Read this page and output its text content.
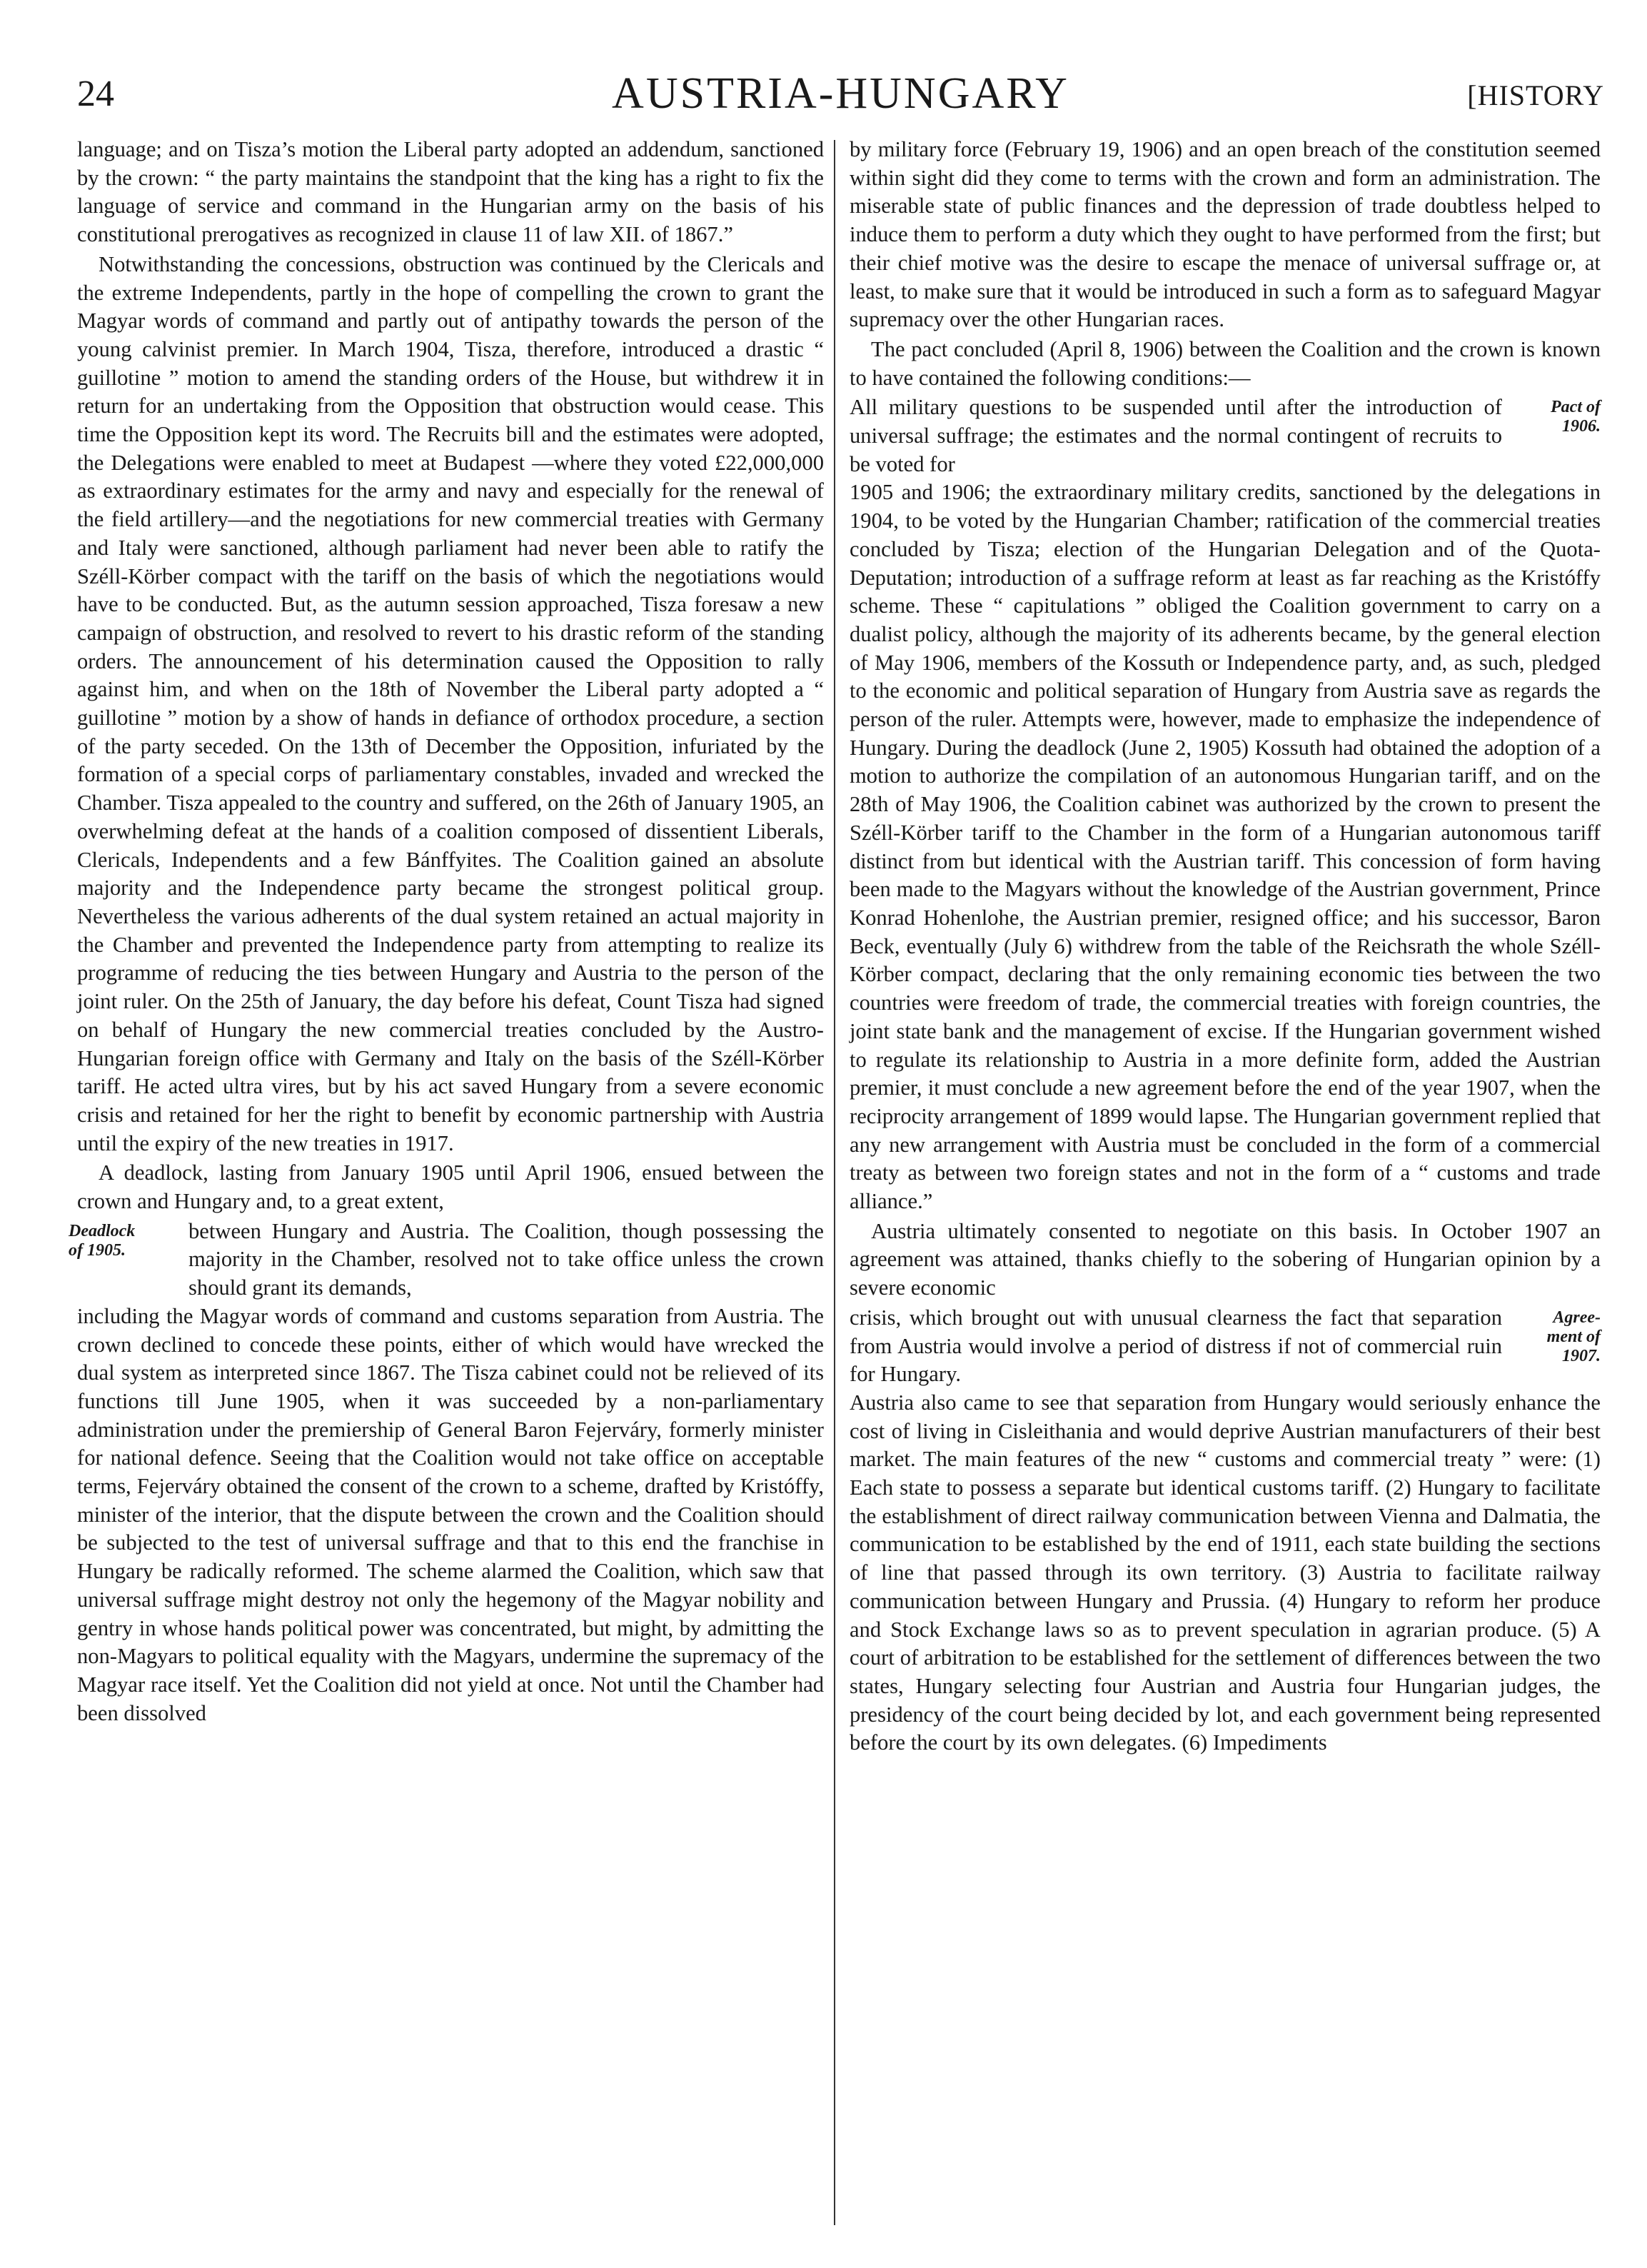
24	AUSTRIA-HUNGARY	[HISTORY

language; and on Tisza’s motion the Liberal party adopted an addendum, sanctioned by the crown: “ the party maintains the standpoint that the king has a right to fix the language of service and command in the Hungarian army on the basis of his constitutional prerogatives as recognized in clause 11 of law XII. of 1867.”

Notwithstanding the concessions, obstruction was continued by the Clericals and the extreme Independents, partly in the hope of compelling the crown to grant the Magyar words of command and partly out of antipathy towards the person of the young calvinist premier. In March 1904, Tisza, therefore, introduced a drastic “ guillotine ” motion to amend the standing orders of the House, but withdrew it in return for an undertaking from the Opposition that obstruction would cease. This time the Opposition kept its word. The Recruits bill and the estimates were adopted, the Delegations were enabled to meet at Budapest —where they voted £22,000,000 as extraordinary estimates for the army and navy and especially for the renewal of the field artillery—and the negotiations for new commercial treaties with Germany and Italy were sanctioned, although parliament had never been able to ratify the Széll-Körber compact with the tariff on the basis of which the negotiations would have to be conducted. But, as the autumn session approached, Tisza foresaw a new campaign of obstruction, and resolved to revert to his drastic reform of the standing orders. The announcement of his determination caused the Opposition to rally against him, and when on the 18th of November the Liberal party adopted a “ guillotine ” motion by a show of hands in defiance of orthodox procedure, a section of the party seceded. On the 13th of December the Opposition, infuriated by the formation of a special corps of parliamentary constables, invaded and wrecked the Chamber. Tisza appealed to the country and suffered, on the 26th of January 1905, an overwhelming defeat at the hands of a coalition composed of dissentient Liberals, Clericals, Independents and a few Bánffyites. The Coalition gained an absolute majority and the Independence party became the strongest political group. Nevertheless the various adherents of the dual system retained an actual majority in the Chamber and prevented the Independence party from attempting to realize its programme of reducing the ties between Hungary and Austria to the person of the joint ruler. On the 25th of January, the day before his defeat, Count Tisza had signed on behalf of Hungary the new commercial treaties concluded by the Austro-Hungarian foreign office with Germany and Italy on the basis of the Széll-Körber tariff. He acted ultra vires, but by his act saved Hungary from a severe economic crisis and retained for her the right to benefit by economic partnership with Austria until the expiry of the new treaties in 1917.

A deadlock, lasting from January 1905 until April 1906, ensued between the crown and Hungary and, to a great extent,

Deadlock
of 1905.

between Hungary and Austria. The Coalition, though possessing the majority in the Chamber, resolved not to take office unless the crown should grant its demands,

including the Magyar words of command and customs separation from Austria. The crown declined to concede these points, either of which would have wrecked the dual system as interpreted since 1867. The Tisza cabinet could not be relieved of its functions till June 1905, when it was succeeded by a non-parliamentary administration under the premiership of General Baron Fejerváry, formerly minister for national defence. Seeing that the Coalition would not take office on acceptable terms, Fejerváry obtained the consent of the crown to a scheme, drafted by Kristóffy, minister of the interior, that the dispute between the crown and the Coalition should be subjected to the test of universal suffrage and that to this end the franchise in Hungary be radically reformed. The scheme alarmed the Coalition, which saw that universal suffrage might destroy not only the hegemony of the Magyar nobility and gentry in whose hands political power was concentrated, but might, by admitting the non-Magyars to political equality with the Magyars, undermine the supremacy of the Magyar race itself. Yet the Coalition did not yield at once. Not until the Chamber had been dissolved

by military force (February 19, 1906) and an open breach of the constitution seemed within sight did they come to terms with the crown and form an administration. The miserable state of public finances and the depression of trade doubtless helped to induce them to perform a duty which they ought to have performed from the first; but their chief motive was the desire to escape the menace of universal suffrage or, at least, to make sure that it would be introduced in such a form as to safeguard Magyar supremacy over the other Hungarian races.

The pact concluded (April 8, 1906) between the Coalition and the crown is known to have contained the following conditions:—

All military questions to be suspended until after the introduction of universal suffrage; the estimates and the normal contingent of recruits to be voted for

Pact of
1906.

1905 and 1906; the extraordinary military credits, sanctioned by the delegations in 1904, to be voted by the Hungarian Chamber; ratification of the commercial treaties concluded by Tisza; election of the Hungarian Delegation and of the Quota-Deputation; introduction of a suffrage reform at least as far reaching as the Kristóffy scheme. These “ capitulations ” obliged the Coalition government to carry on a dualist policy, although the majority of its adherents became, by the general election of May 1906, members of the Kossuth or Independence party, and, as such, pledged to the economic and political separation of Hungary from Austria save as regards the person of the ruler. Attempts were, however, made to emphasize the independence of Hungary. During the deadlock (June 2, 1905) Kossuth had obtained the adoption of a motion to authorize the compilation of an autonomous Hungarian tariff, and on the 28th of May 1906, the Coalition cabinet was authorized by the crown to present the Széll-Körber tariff to the Chamber in the form of a Hungarian autonomous tariff distinct from but identical with the Austrian tariff. This concession of form having been made to the Magyars without the knowledge of the Austrian government, Prince Konrad Hohenlohe, the Austrian premier, resigned office; and his successor, Baron Beck, eventually (July 6) withdrew from the table of the Reichsrath the whole Széll-Körber compact, declaring that the only remaining economic ties between the two countries were freedom of trade, the commercial treaties with foreign countries, the joint state bank and the management of excise. If the Hungarian government wished to regulate its relationship to Austria in a more definite form, added the Austrian premier, it must conclude a new agreement before the end of the year 1907, when the reciprocity arrangement of 1899 would lapse. The Hungarian government replied that any new arrangement with Austria must be concluded in the form of a commercial treaty as between two foreign states and not in the form of a “ customs and trade alliance.”

Austria ultimately consented to negotiate on this basis. In October 1907 an agreement was attained, thanks chiefly to the sobering of Hungarian opinion by a severe economic

crisis, which brought out with unusual clearness the fact that separation from Austria would involve a period of distress if not of commercial ruin for Hungary.

Agree-
ment of
1907.

Austria also came to see that separation from Hungary would seriously enhance the cost of living in Cisleithania and would deprive Austrian manufacturers of their best market. The main features of the new “ customs and commercial treaty ” were: (1) Each state to possess a separate but identical customs tariff. (2) Hungary to facilitate the establishment of direct railway communication between Vienna and Dalmatia, the communication to be established by the end of 1911, each state building the sections of line that passed through its own territory. (3) Austria to facilitate railway communication between Hungary and Prussia. (4) Hungary to reform her produce and Stock Exchange laws so as to prevent speculation in agrarian produce. (5) A court of arbitration to be established for the settlement of differences between the two states, Hungary selecting four Austrian and Austria four Hungarian judges, the presidency of the court being decided by lot, and each government being represented before the court by its own delegates. (6) Impediments
